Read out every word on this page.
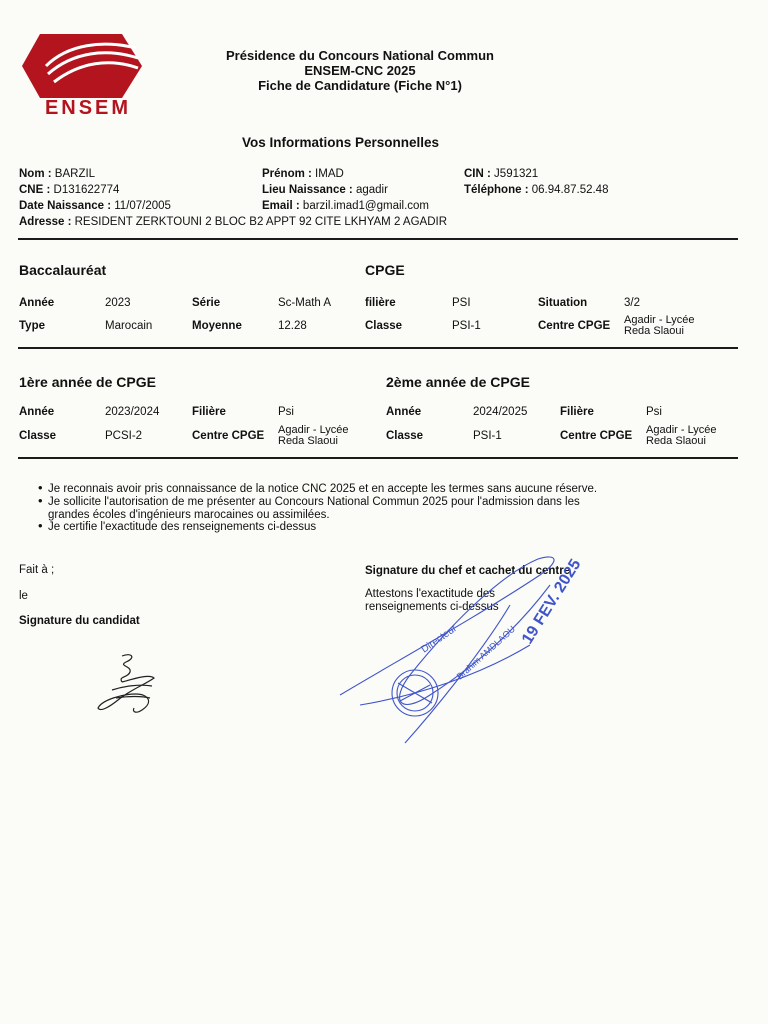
ENSEM
Présidence du Concours National Commun
ENSEM-CNC 2025
Fiche de Candidature (Fiche N°1)
Vos Informations Personnelles
Nom : BARZIL	Prénom : IMAD	CIN : J591321
CNE : D131622774	Lieu Naissance : agadir	Téléphone : 06.94.87.52.48
Date Naissance : 11/07/2005	Email : barzil.imad1@gmail.com
Adresse : RESIDENT ZERKTOUNI 2 BLOC B2 APPT 92 CITE LKHYAM 2 AGADIR
Baccalauréat	CPGE
Année	2023	Série	Sc-Math A	filière	PSI	Situation	3/2
Type	Marocain	Moyenne	12.28	Classe	PSI-1	Centre CPGE Agadir - Lycée
Reda Slaoui
1ère année de CPGE	2ème année de CPGE
Année	2023/2024	Filière	Psi	Année	2024/2025	Filière	Psi
Classe	PCSI-2	Centre CPGE Agadir - Lycée
Reda Slaoui	Classe	PSI-1	Centre CPGE Agadir - Lycée
Reda Slaoui
• Je reconnais avoir pris connaissance de la notice CNC 2025 et en accepte les termes sans aucune réserve.
• Je sollicite l'autorisation de me présenter au Concours National Commun 2025 pour l'admission dans les grandes écoles d'ingénieurs marocaines ou assimilées.
• Je certifie l'exactitude des renseignements ci-dessus
Fait à ;
le
Signature du candidat
Signature du chef et cachet du centre
Attestons l'exactitude des
renseignements ci-dessus
Directeur
Brahim AMDLAOU
19 FEV. 2025
